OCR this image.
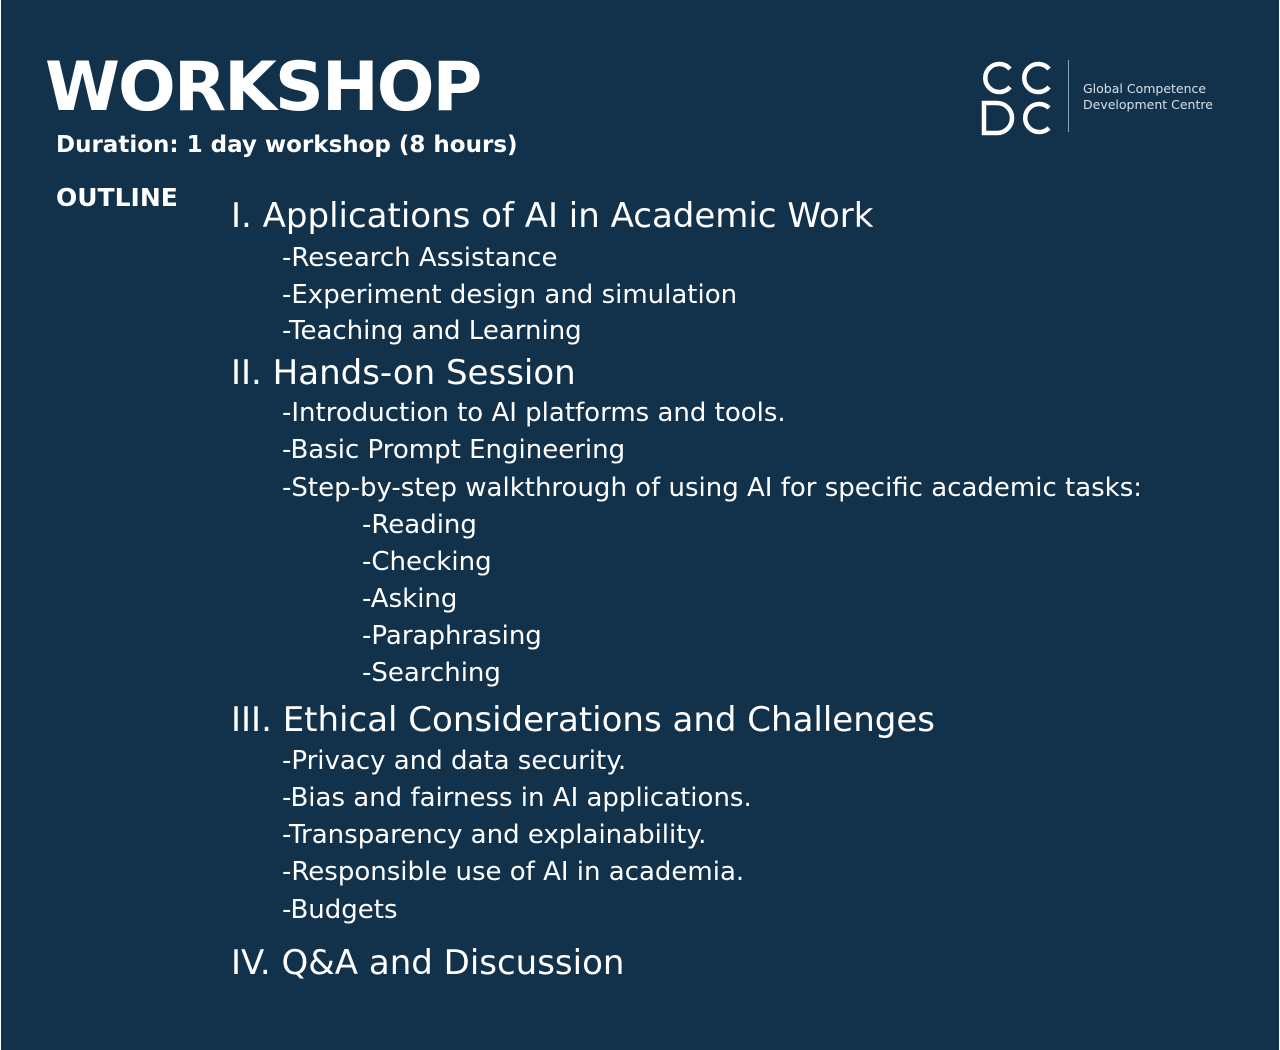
WORKSHOP
Duration: 1 day workshop (8 hours)
OUTLINE
Global Competence
Development Centre
I. Applications of AI in Academic Work
-Research Assistance
-Experiment design and simulation
-Teaching and Learning
II. Hands-on Session
-Introduction to AI platforms and tools.
-Basic Prompt Engineering
-Step-by-step walkthrough of using AI for specific academic tasks:
-Reading
-Checking
-Asking
-Paraphrasing
-Searching
III. Ethical Considerations and Challenges
-Privacy and data security.
-Bias and fairness in AI applications.
-Transparency and explainability.
-Responsible use of AI in academia.
-Budgets
IV. Q&A and Discussion
